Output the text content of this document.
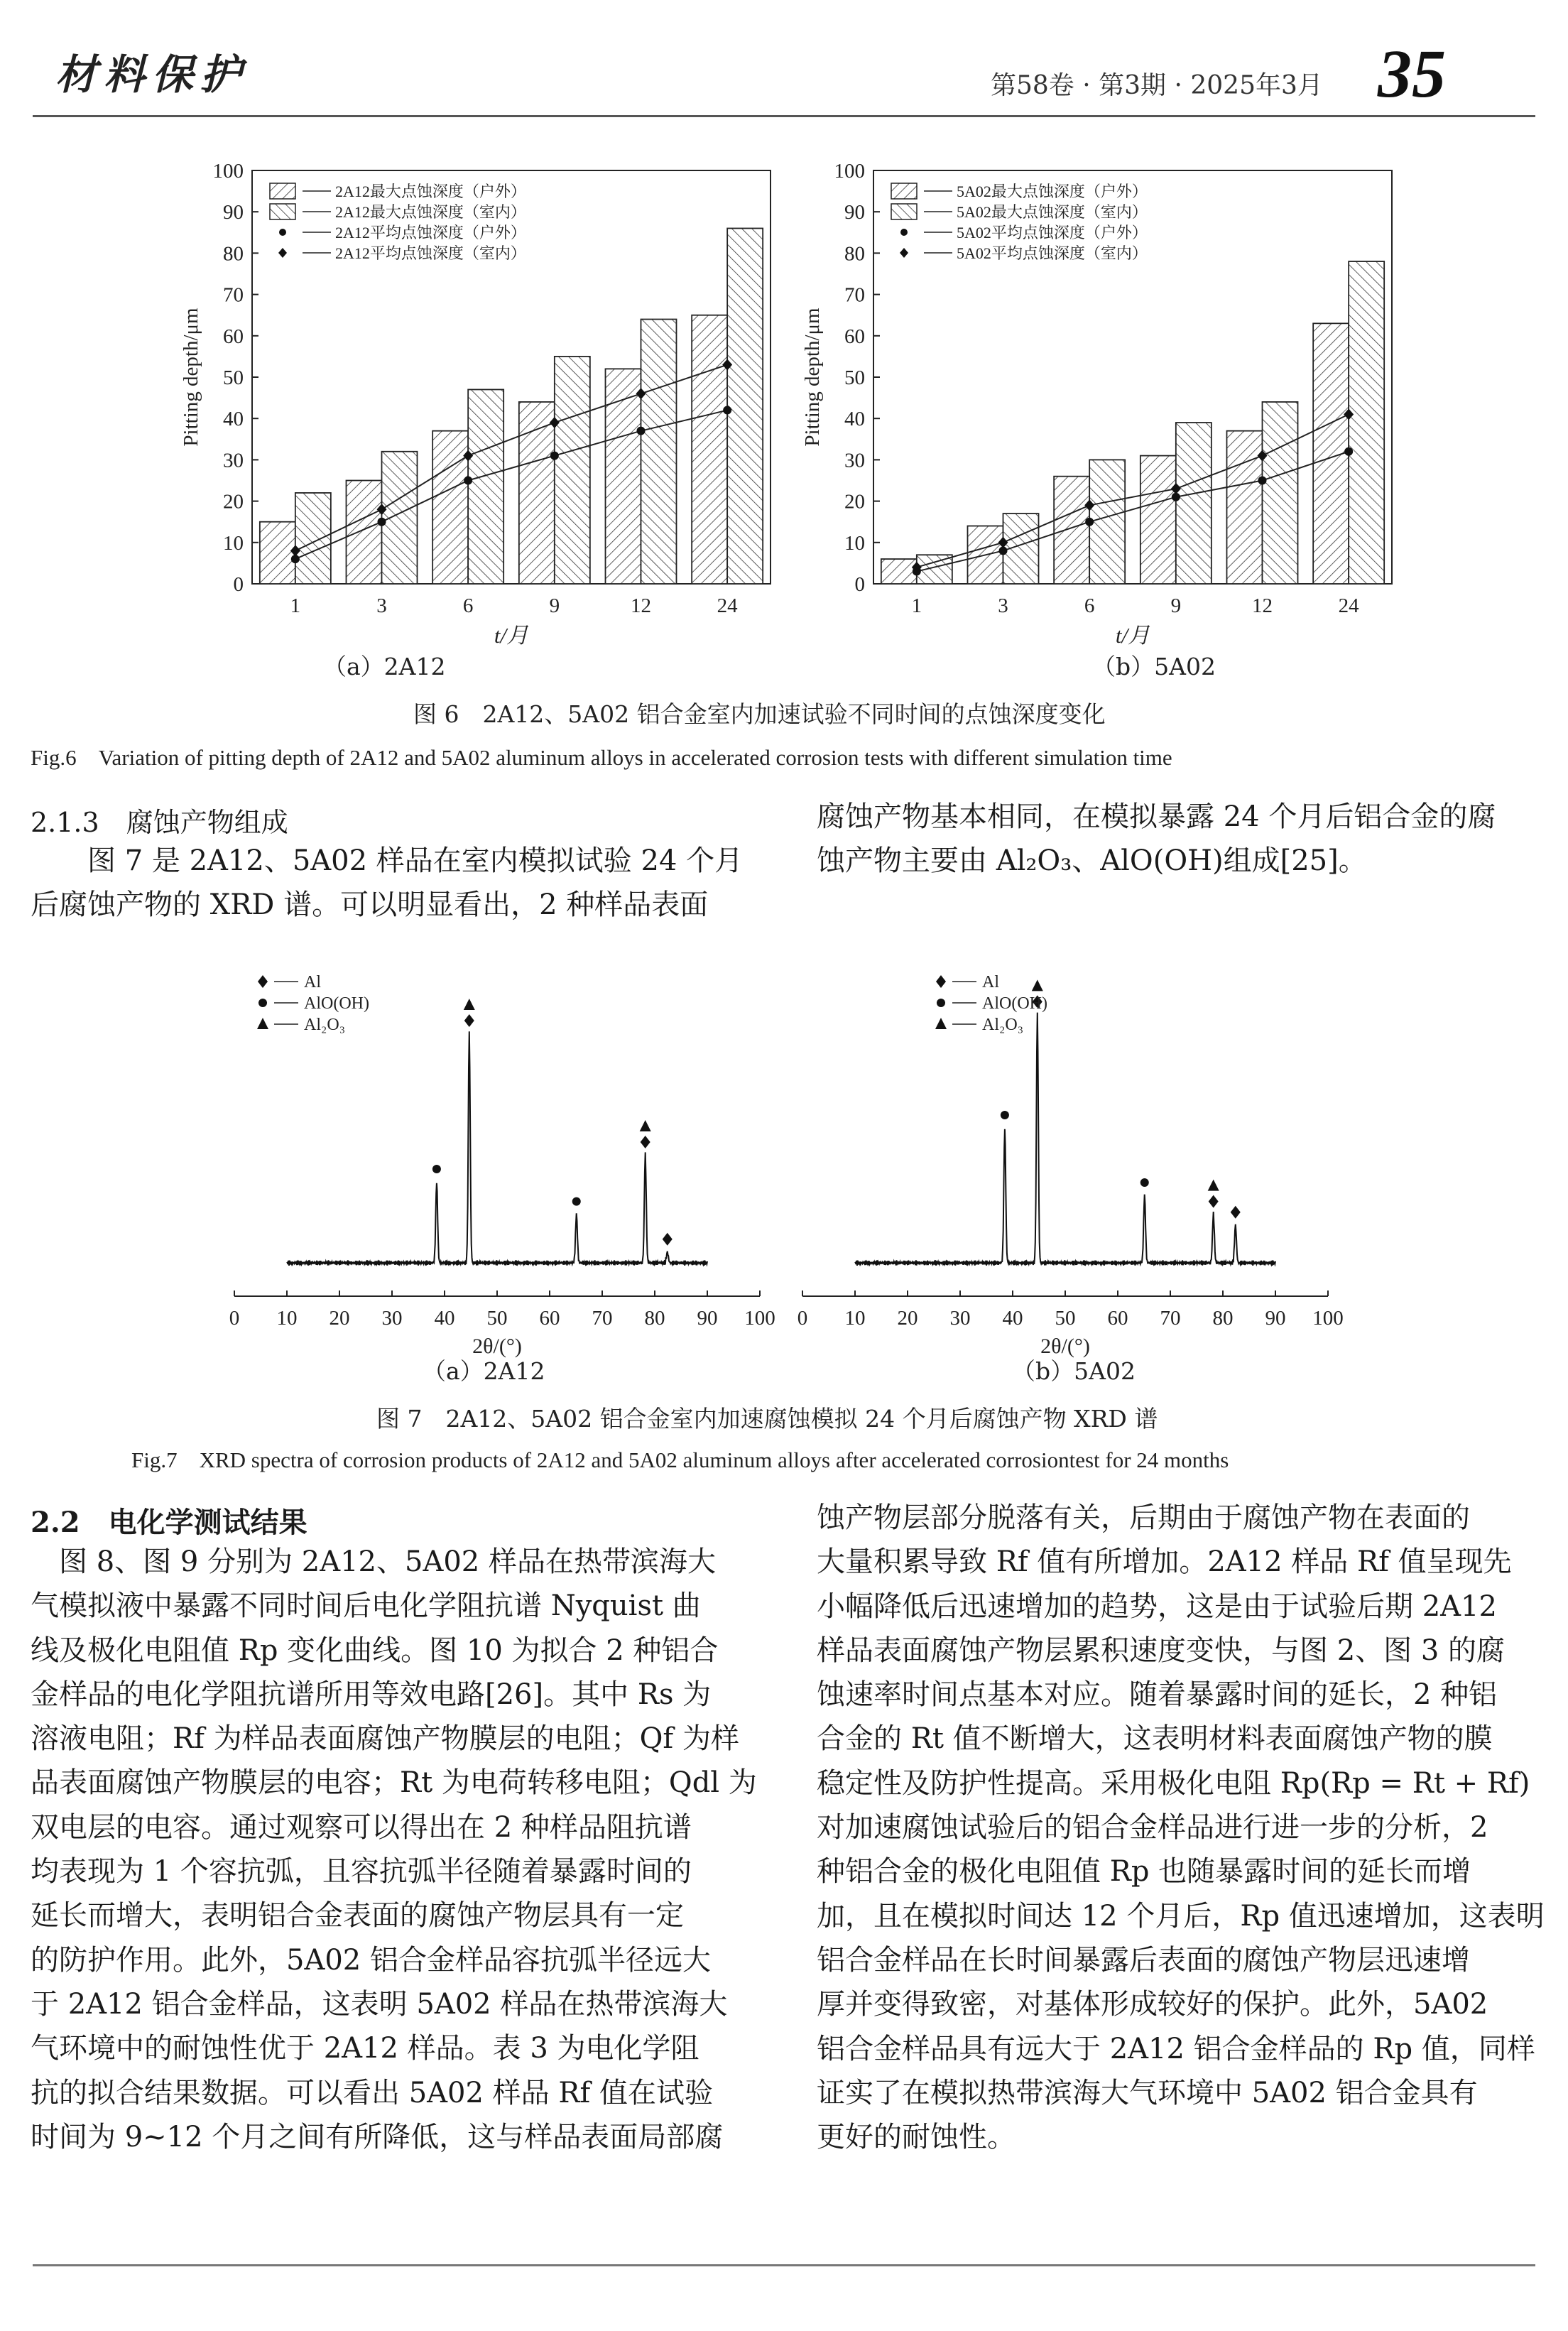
材料保护	第58卷 · 第3期 · 2025年3月 35
0
10
20
30
40
50
60
70
80
90
100
Pitting depth/μm
1	3	6	9	12	24
t/月
2A12最大点蚀深度（户外）
2A12最大点蚀深度（室内）
2A12平均点蚀深度（户外）
2A12平均点蚀深度（室内）
0
10
20
30
40
50
60
70
80
90
100
Pitting depth/μm
1	3	6	9	12	24
t/月
5A02最大点蚀深度（户外）
5A02最大点蚀深度（室内）
5A02平均点蚀深度（户外）
5A02平均点蚀深度（室内）
（a）2A12	（b）5A02
图 6　2A12、5A02 铝合金室内加速试验不同时间的点蚀深度变化
Fig.6　Variation of pitting depth of 2A12 and 5A02 aluminum alloys in accelerated corrosion tests with different simulation time
2.1.3　腐蚀产物组成

图 7 是 2A12、5A02 样品在室内模拟试验 24 个月

后腐蚀产物的 XRD 谱。可以明显看出，2 种样品表面

腐蚀产物基本相同，在模拟暴露 24 个月后铝合金的腐

蚀产物主要由 Al₂O₃、AlO(OH)组成[25]。

0 10 20 30 40 50 60 70 80 90 100
2θ/(°)
Al
AlO(OH)
Al₂O₃
0 10 20 30 40 50 60 70 80 90 100
2θ/(°)
Al
AlO(OH)
Al₂O₃
（a）2A12	（b）5A02
图 7　2A12、5A02 铝合金室内加速腐蚀模拟 24 个月后腐蚀产物 XRD 谱
Fig.7　XRD spectra of corrosion products of 2A12 and 5A02 aluminum alloys after accelerated corrosiontest for 24 months
2.2　电化学测试结果

　图 8、图 9 分别为 2A12、5A02 样品在热带滨海大

气模拟液中暴露不同时间后电化学阻抗谱 Nyquist 曲

线及极化电阻值 Rp 变化曲线。图 10 为拟合 2 种铝合

金样品的电化学阻抗谱所用等效电路[26]。其中 Rs 为

溶液电阻；Rf 为样品表面腐蚀产物膜层的电阻；Qf 为样

品表面腐蚀产物膜层的电容；Rt 为电荷转移电阻；Qdl 为

双电层的电容。通过观察可以得出在 2 种样品阻抗谱

均表现为 1 个容抗弧，且容抗弧半径随着暴露时间的

延长而增大，表明铝合金表面的腐蚀产物层具有一定

的防护作用。此外，5A02 铝合金样品容抗弧半径远大

于 2A12 铝合金样品，这表明 5A02 样品在热带滨海大

气环境中的耐蚀性优于 2A12 样品。表 3 为电化学阻

抗的拟合结果数据。可以看出 5A02 样品 Rf 值在试验

时间为 9~12 个月之间有所降低，这与样品表面局部腐

蚀产物层部分脱落有关，后期由于腐蚀产物在表面的

大量积累导致 Rf 值有所增加。2A12 样品 Rf 值呈现先

小幅降低后迅速增加的趋势，这是由于试验后期 2A12

样品表面腐蚀产物层累积速度变快，与图 2、图 3 的腐

蚀速率时间点基本对应。随着暴露时间的延长，2 种铝

合金的 Rt 值不断增大，这表明材料表面腐蚀产物的膜

稳定性及防护性提高。采用极化电阻 Rp(Rp = Rt + Rf)

对加速腐蚀试验后的铝合金样品进行进一步的分析，2

种铝合金的极化电阻值 Rp 也随暴露时间的延长而增

加，且在模拟时间达 12 个月后，Rp 值迅速增加，这表明

铝合金样品在长时间暴露后表面的腐蚀产物层迅速增

厚并变得致密，对基体形成较好的保护。此外，5A02

铝合金样品具有远大于 2A12 铝合金样品的 Rp 值，同样

证实了在模拟热带滨海大气环境中 5A02 铝合金具有

更好的耐蚀性。
